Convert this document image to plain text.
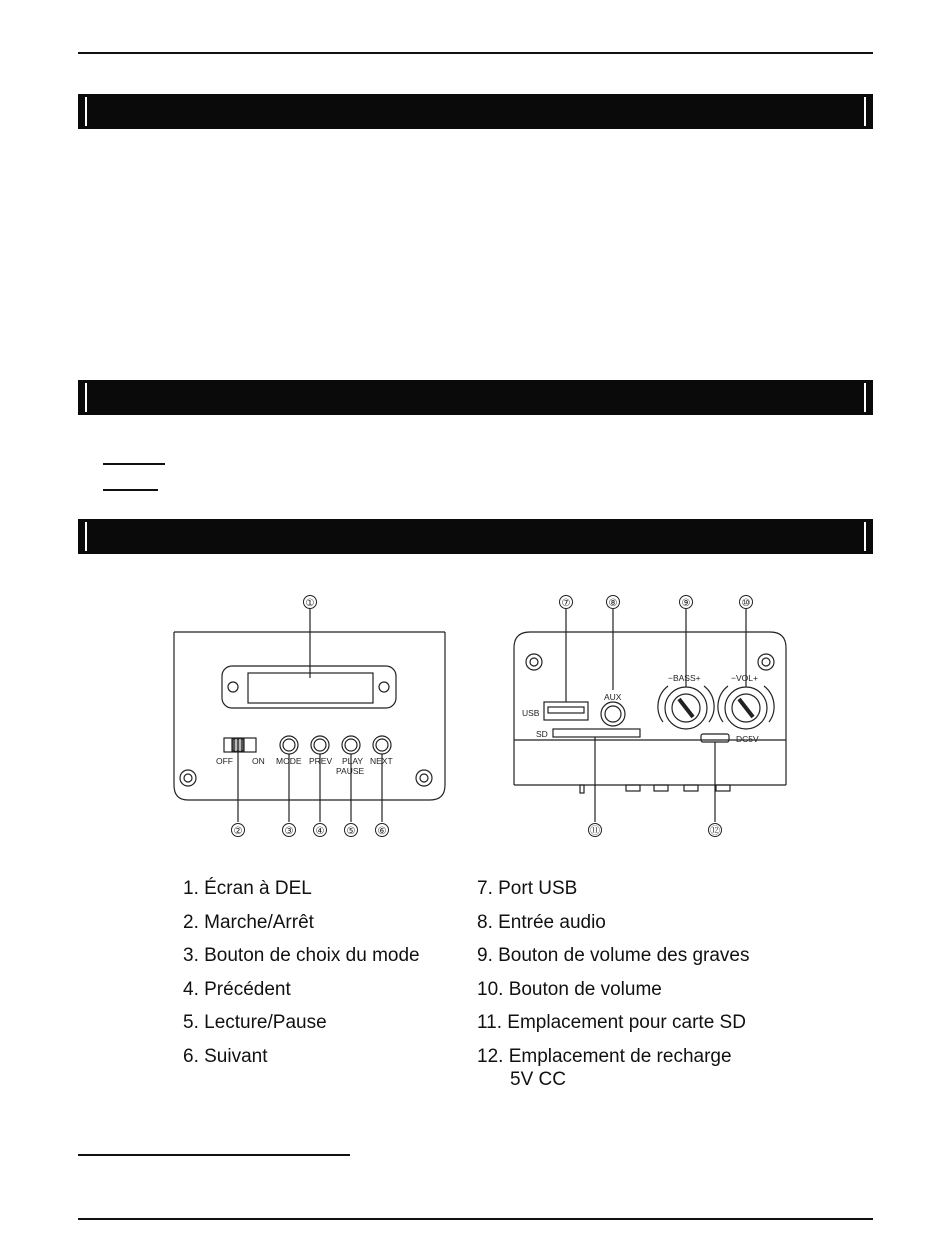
①
②	③ ④ ⑤ ⑥
⑦	⑧	⑨	⑩
⑪	⑫
OFF ON MODE PREV PLAY
PAUSE
NEXT
USB
AUX
−BASS+	−VOL+
SD	DC5V
1. Écran à DEL
2. Marche/Arrêt
3. Bouton de choix du mode
4. Précédent
5. Lecture/Pause
6. Suivant
7. Port USB
8. Entrée audio
9. Bouton de volume des graves
10. Bouton de volume
11. Emplacement pour carte SD
12. Emplacement de recharge
5V CC
